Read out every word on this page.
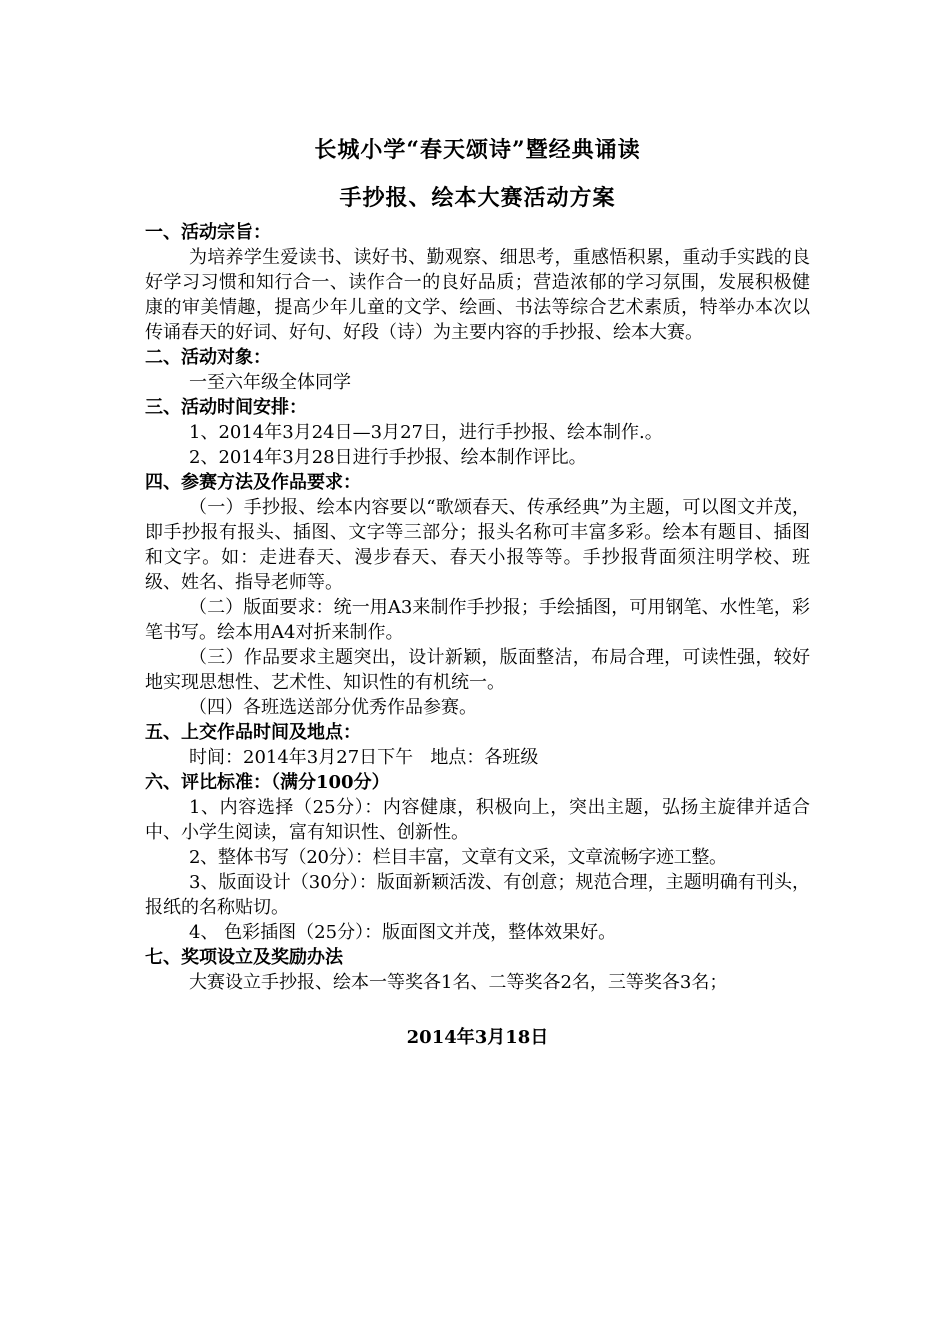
长城小学“春天颂诗”暨经典诵读
手抄报、绘本大赛活动方案

一、活动宗旨：

为培养学生爱读书、读好书、勤观察、细思考，重感悟积累，重动手实践的良好学习习惯和知行合一、读作合一的良好品质；营造浓郁的学习氛围，发展积极健康的审美情趣，提高少年儿童的文学、绘画、书法等综合艺术素质，特举办本次以传诵春天的好词、好句、好段（诗）为主要内容的手抄报、绘本大赛。

二、活动对象：

一至六年级全体同学

三、活动时间安排：

1、2014年3月24日—3月27日，进行手抄报、绘本制作.。

2、2014年3月28日进行手抄报、绘本制作评比。

四、参赛方法及作品要求：

（一）手抄报、绘本内容要以“歌颂春天、传承经典”为主题，可以图文并茂，即手抄报有报头、插图、文字等三部分；报头名称可丰富多彩。绘本有题目、插图和文字。如：走进春天、漫步春天、春天小报等等。手抄报背面须注明学校、班级、姓名、指导老师等。

（二）版面要求：统一用A3来制作手抄报；手绘插图，可用钢笔、水性笔，彩笔书写。绘本用A4对折来制作。

（三）作品要求主题突出，设计新颖，版面整洁，布局合理，可读性强，较好地实现思想性、艺术性、知识性的有机统一。

（四）各班选送部分优秀作品参赛。

五、上交作品时间及地点：

时间：2014年3月27日下午   地点：各班级

六、评比标准：（满分100分）

1、内容选择（25分）：内容健康，积极向上，突出主题，弘扬主旋律并适合中、小学生阅读，富有知识性、创新性。

2、整体书写（20分）：栏目丰富，文章有文采，文章流畅字迹工整。

3、版面设计（30分）：版面新颖活泼、有创意；规范合理，主题明确有刊头，报纸的名称贴切。

4、 色彩插图（25分）：版面图文并茂，整体效果好。

七、奖项设立及奖励办法

大赛设立手抄报、绘本一等奖各1名、二等奖各2名，三等奖各3名；

2014年3月18日
